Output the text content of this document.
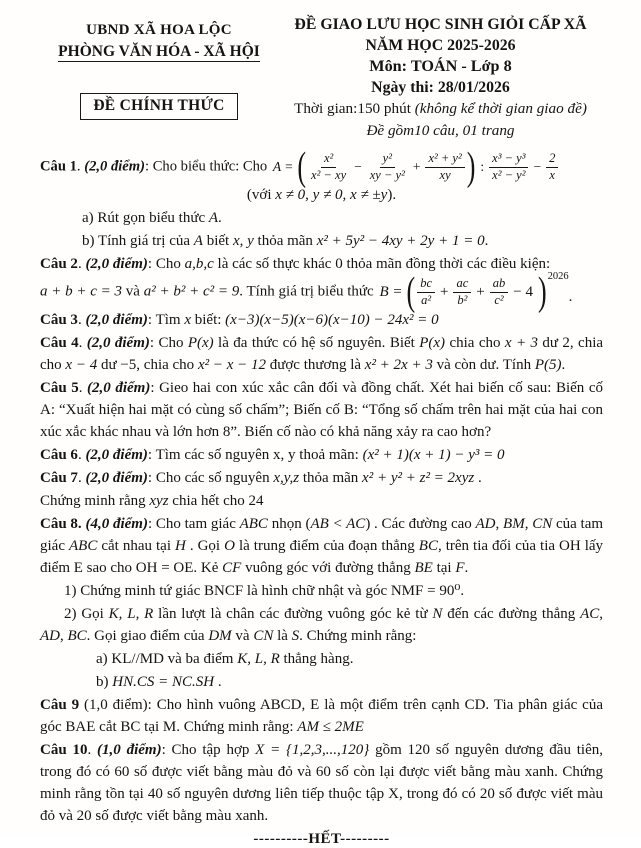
UBND XÃ HOA LỘC
PHÒNG VĂN HÓA - XÃ HỘI
ĐỀ CHÍNH THỨC
ĐỀ GIAO LƯU HỌC SINH GIỎI CẤP XÃ
NĂM HỌC 2025-2026
Môn: TOÁN - Lớp 8
Ngày thi: 28/01/2026
Thời gian:150 phút (không kể thời gian giao đề)
Đề gồm10 câu, 01 trang

Câu 1. (2,0 điểm): Cho biểu thức: Cho A = ( $\frac{\text{x²}}{\text{x² − xy}} - \frac{\text{y²}}{\text{xy − y²}} + \frac{\text{x² + y²}}{xy}$ ) : $\frac{\text{x³ − y³}}{\text{x² − y²}} - \frac{2}{x}$

(với x ≠ 0, y ≠ 0, x ≠ ±y).

a) Rút gọn biểu thức A.

b) Tính giá trị của A biết x, y thỏa mãn x² + 5y² − 4xy + 2y + 1 = 0.

Câu 2. (2,0 điểm): Cho a,b,c là các số thực khác 0 thỏa mãn đồng thời các điều kiện:

a + b + c = 3 và a² + b² + c² = 9. Tính giá trị biểu thức B = ( $\frac{bc}{\text{a²}} + \frac{ac}{\text{b²}} + \frac{ab}{\text{c²}} - 4$ )$^{2026}$
.

Câu 3. (2,0 điểm): Tìm x biết: (x−3)(x−5)(x−6)(x−10) − 24x² = 0

Câu 4. (2,0 điểm): Cho P(x) là đa thức có hệ số nguyên. Biết P(x) chia cho x + 3 dư 2, chia cho x − 4 dư −5, chia cho x² − x − 12 được thương là x² + 2x + 3 và còn dư. Tính P(5).

Câu 5. (2,0 điểm): Gieo hai con xúc xắc cân đối và đồng chất. Xét hai biến cố sau: Biến cố A: “Xuất hiện hai mặt có cùng số chấm”; Biến cố B: “Tổng số chấm trên hai mặt của hai con xúc xắc khác nhau và lớn hơn 8”. Biến cố nào có khả năng xảy ra cao hơn?

Câu 6. (2,0 điểm): Tìm các số nguyên x, y thoả mãn: (x² + 1)(x + 1) − y³ = 0

Câu 7. (2,0 điểm): Cho các số nguyên x,y,z thỏa mãn x² + y² + z² = 2xyz .

Chứng minh rằng xyz chia hết cho 24

Câu 8. (4,0 điểm): Cho tam giác ABC nhọn (AB < AC) . Các đường cao AD, BM, CN của tam giác ABC cắt nhau tại H . Gọi O là trung điểm của đoạn thẳng BC, trên tia đối của tia OH lấy điểm E sao cho OH = OE. Kẻ CF vuông góc với đường thẳng BE tại F.

1) Chứng minh tứ giác BNCF là hình chữ nhật và góc NMF = 90⁰.

2) Gọi K, L, R lần lượt là chân các đường vuông góc kẻ từ N đến các đường thẳng AC, AD, BC. Gọi giao điểm của DM và CN là S. Chứng minh rằng:

a) KL//MD và ba điểm K, L, R thẳng hàng.

b) HN.CS = NC.SH .

Câu 9 (1,0 điểm): Cho hình vuông ABCD, E là một điểm trên cạnh CD. Tia phân giác của góc BAE cắt BC tại M. Chứng minh rằng: AM ≤ 2ME

Câu 10. (1,0 điểm): Cho tập hợp X = {1,2,3,...,120} gồm 120 số nguyên dương đầu tiên, trong đó có 60 số được viết bằng màu đỏ và 60 số còn lại được viết bằng màu xanh. Chứng minh rằng tồn tại 40 số nguyên dương liên tiếp thuộc tập X, trong đó có 20 số được viết màu đỏ và 20 số được viết bằng màu xanh.

----------HẾT---------
